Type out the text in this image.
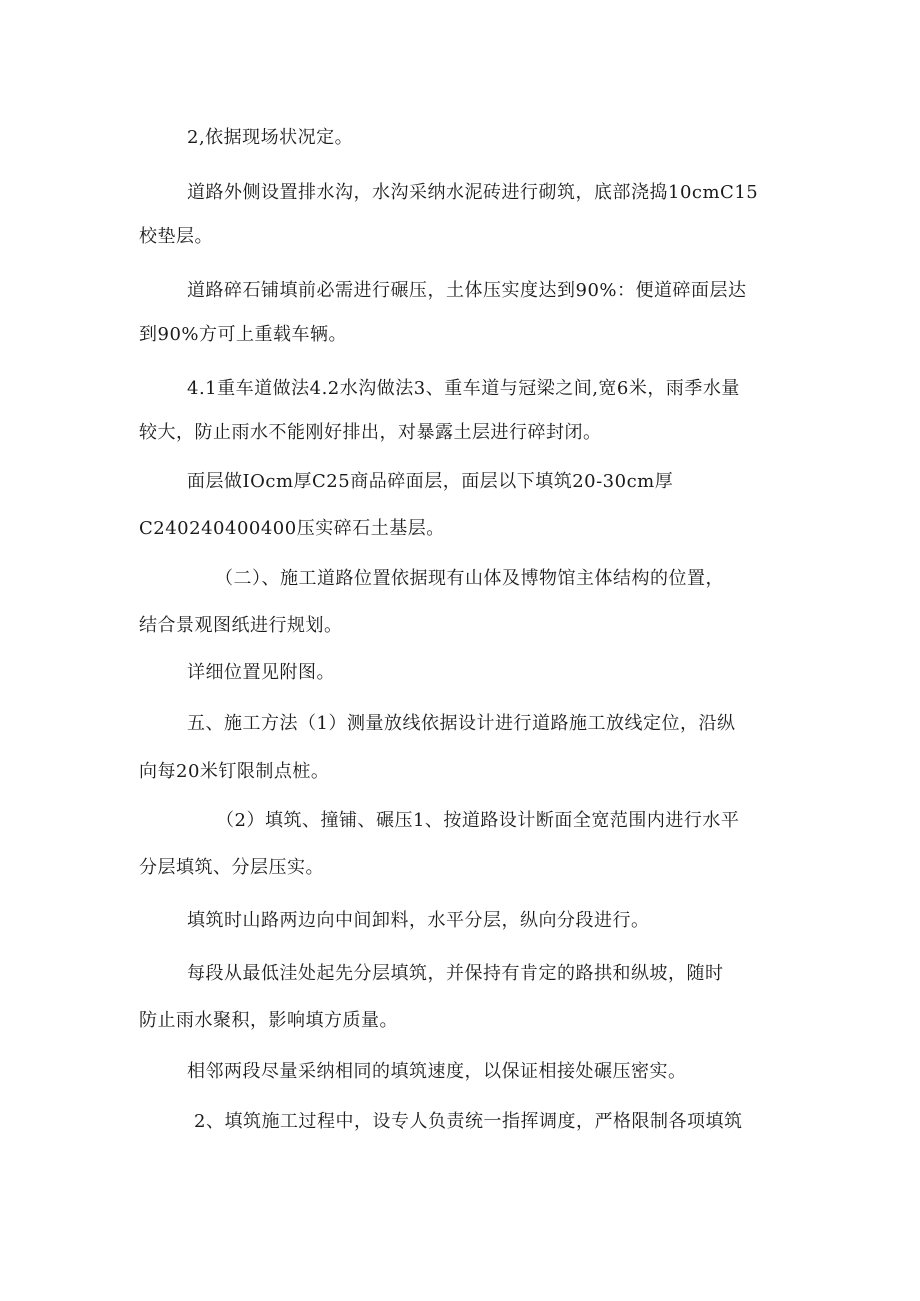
2,依据现场状况定。
道路外侧设置排水沟，水沟采纳水泥砖进行砌筑，底部浇捣10cmC15
校垫层。
道路碎石铺填前必需进行碾压，土体压实度达到90%：便道碎面层达
到90%方可上重载车辆。
4.1重车道做法4.2水沟做法3、重车道与冠梁之间,宽6米，雨季水量
较大，防止雨水不能刚好排出，对暴露土层进行碎封闭。
面层做IOcm厚C25商品碎面层，面层以下填筑20-30cm厚
C240240400400压实碎石土基层。
（二）、施工道路位置依据现有山体及博物馆主体结构的位置，
结合景观图纸进行规划。
详细位置见附图。
五、施工方法（1）测量放线依据设计进行道路施工放线定位，沿纵
向每20米钉限制点桩。
（2）填筑、撞铺、碾压1、按道路设计断面全宽范围内进行水平
分层填筑、分层压实。
填筑时山路两边向中间卸料，水平分层，纵向分段进行。
每段从最低洼处起先分层填筑，并保持有肯定的路拱和纵坡，随时
防止雨水聚积，影响填方质量。
相邻两段尽量采纳相同的填筑速度，以保证相接处碾压密实。
2、填筑施工过程中，设专人负责统一指挥调度，严格限制各项填筑
